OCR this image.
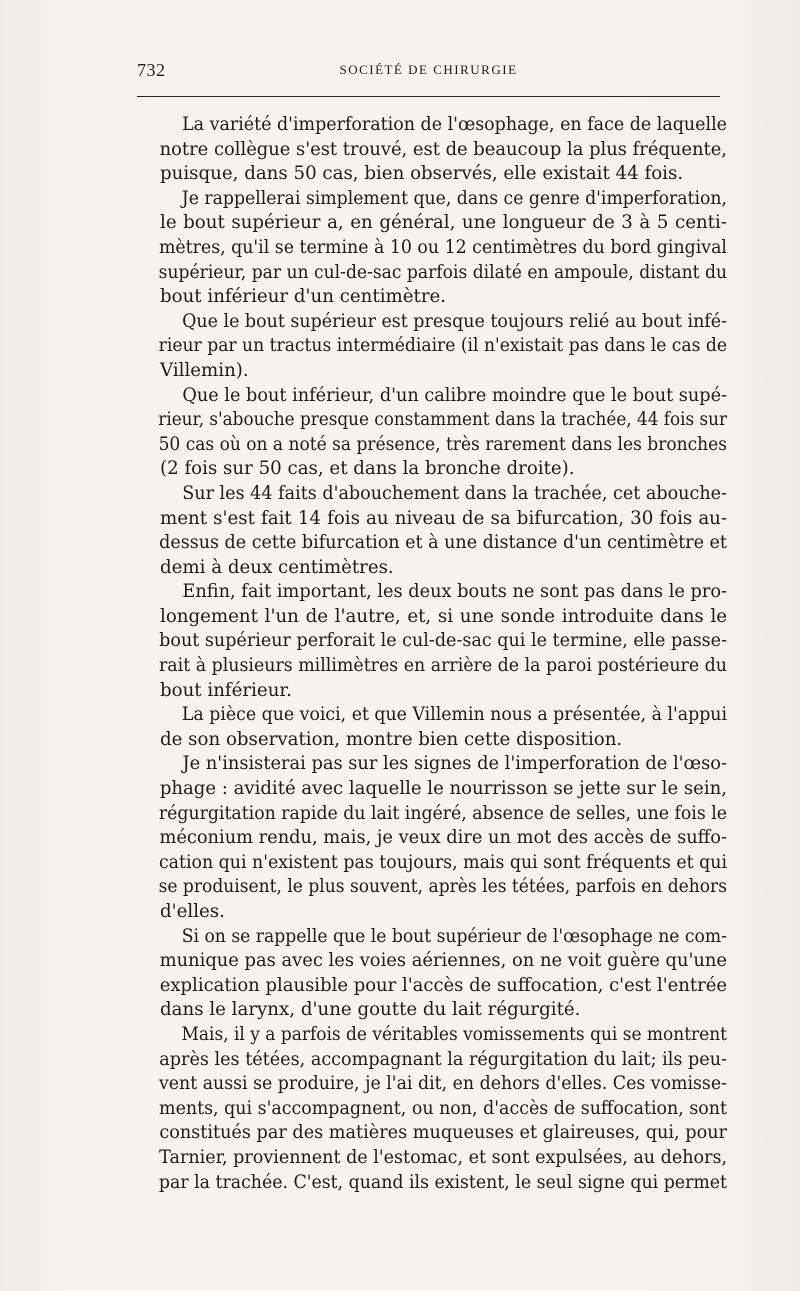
732	SOCIÉTÉ DE CHIRURGIE

La variété d'imperforation de l'œsophage, en face de laquelle
notre collègue s'est trouvé, est de beaucoup la plus fréquente,
puisque, dans 50 cas, bien observés, elle existait 44 fois.

Je rappellerai simplement que, dans ce genre d'imperforation,
le bout supérieur a, en général, une longueur de 3 à 5 centi-
mètres, qu'il se termine à 10 ou 12 centimètres du bord gingival
supérieur, par un cul-de-sac parfois dilaté en ampoule, distant du
bout inférieur d'un centimètre.

Que le bout supérieur est presque toujours relié au bout infé-
rieur par un tractus intermédiaire (il n'existait pas dans le cas de
Villemin).

Que le bout inférieur, d'un calibre moindre que le bout supé-
rieur, s'abouche presque constamment dans la trachée, 44 fois sur
50 cas où on a noté sa présence, très rarement dans les bronches
(2 fois sur 50 cas, et dans la bronche droite).

Sur les 44 faits d'abouchement dans la trachée, cet abouche-
ment s'est fait 14 fois au niveau de sa bifurcation, 30 fois au-
dessus de cette bifurcation et à une distance d'un centimètre et
demi à deux centimètres.

Enfin, fait important, les deux bouts ne sont pas dans le pro-
longement l'un de l'autre, et, si une sonde introduite dans le
bout supérieur perforait le cul-de-sac qui le termine, elle passe-
rait à plusieurs millimètres en arrière de la paroi postérieure du
bout inférieur.

La pièce que voici, et que Villemin nous a présentée, à l'appui
de son observation, montre bien cette disposition.

Je n'insisterai pas sur les signes de l'imperforation de l'œso-
phage : avidité avec laquelle le nourrisson se jette sur le sein,
régurgitation rapide du lait ingéré, absence de selles, une fois le
méconium rendu, mais, je veux dire un mot des accès de suffo-
cation qui n'existent pas toujours, mais qui sont fréquents et qui
se produisent, le plus souvent, après les tétées, parfois en dehors
d'elles.

Si on se rappelle que le bout supérieur de l'œsophage ne com-
munique pas avec les voies aériennes, on ne voit guère qu'une
explication plausible pour l'accès de suffocation, c'est l'entrée
dans le larynx, d'une goutte du lait régurgité.

Mais, il y a parfois de véritables vomissements qui se montrent
après les tétées, accompagnant la régurgitation du lait; ils peu-
vent aussi se produire, je l'ai dit, en dehors d'elles. Ces vomisse-
ments, qui s'accompagnent, ou non, d'accès de suffocation, sont
constitués par des matières muqueuses et glaireuses, qui, pour
Tarnier, proviennent de l'estomac, et sont expulsées, au dehors,
par la trachée. C'est, quand ils existent, le seul signe qui permet
